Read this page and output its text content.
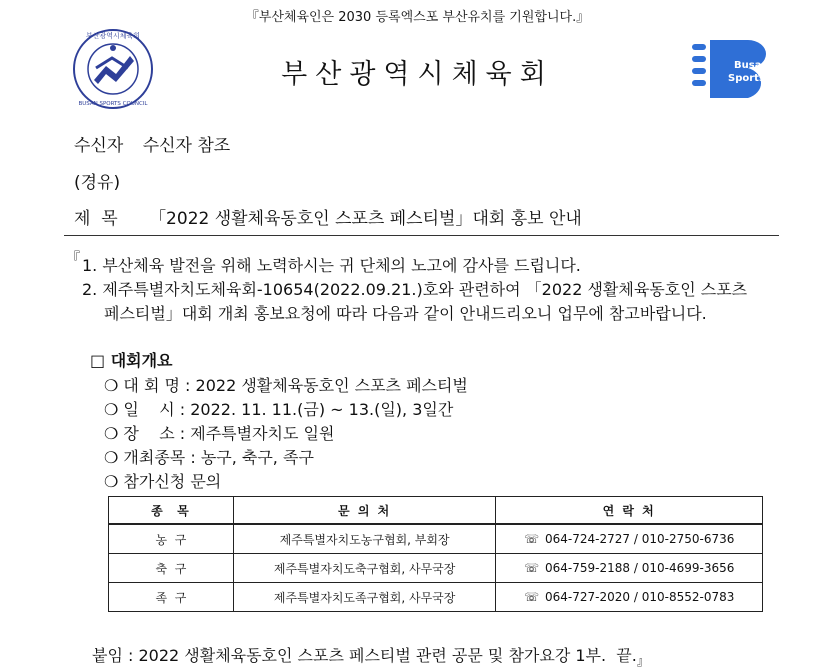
『부산체육인은 2030 등록엑스포 부산유치를 기원합니다.』
부산광역시체육회
BUSAN SPORTS COUNCIL
부산광역시체육회	Busan
Sports
수신자 수신자 참조
(경유)
제  목 「2022 생활체육동호인 스포츠 페스티벌」대회 홍보 안내
『 1. 부산체육 발전을 위해 노력하시는 귀 단체의 노고에 감사를 드립니다.
2. 제주특별자치도체육회-10654(2022.09.21.)호와 관련하여 「2022 생활체육동호인 스포츠
페스티벌」대회 개최 홍보요청에 따라 다음과 같이 안내드리오니 업무에 참고바랍니다.
□ 대회개요
❍ 대 회 명 : 2022 생활체육동호인 스포츠 페스티벌
❍ 일    시 : 2022. 11. 11.(금) ~ 13.(일), 3일간
❍ 장    소 : 제주특별자치도 일원
❍ 개최종목 : 농구, 축구, 족구
❍ 참가신청 문의
종  목	문 의 처	연 락 처
농  구	제주특별자치도농구협회, 부회장	☏ 064-724-2727 / 010-2750-6736
축  구	제주특별자치도축구협회, 사무국장	☏ 064-759-2188 / 010-4699-3656
족  구	제주특별자치도족구협회, 사무국장	☏ 064-727-2020 / 010-8552-0783
붙임 : 2022 생활체육동호인 스포츠 페스티벌 관련 공문 및 참가요강 1부.  끝$._』$
